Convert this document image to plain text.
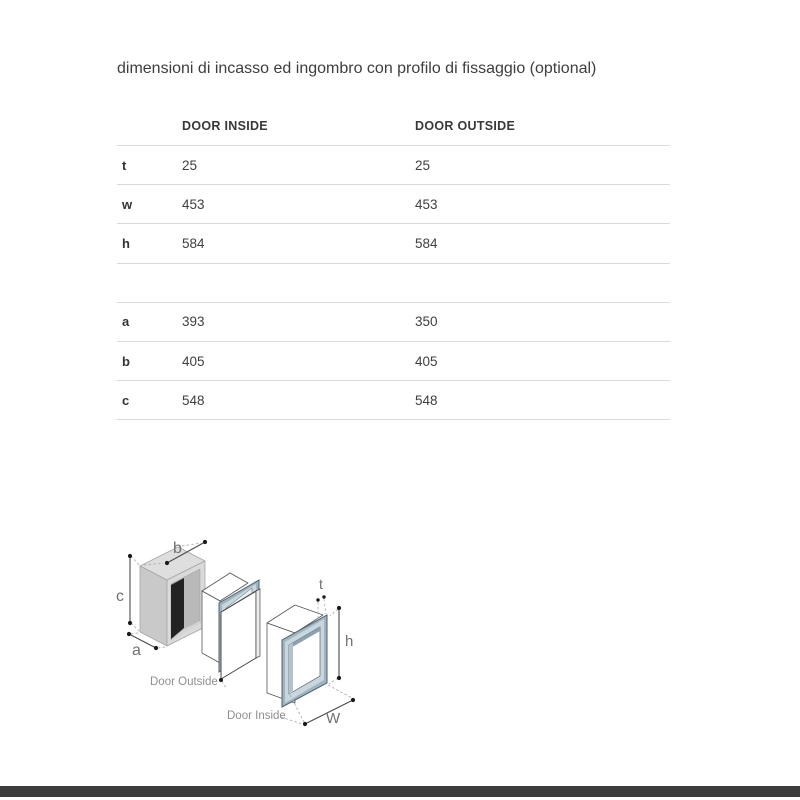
dimensioni di incasso ed ingombro con profilo di fissaggio (optional)
DOOR INSIDE	DOOR OUTSIDE
t	25	25
w	453	453
h	584	584
a	393	350
b	405	405
c	548	548
b
c
a
Door Outside
Door Inside
t
h
W
